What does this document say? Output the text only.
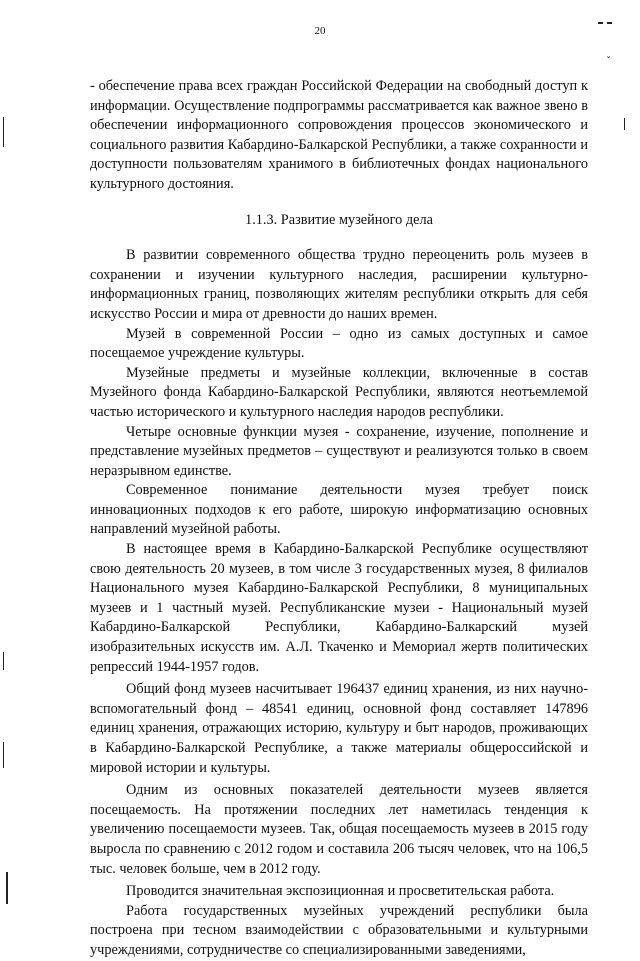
20
ˇ

- обеспечение права всех граждан Российской Федерации на свободный доступ к информации. Осуществление подпрограммы рассматривается как важное звено в обеспечении информационного сопровождения процессов экономического и социального развития Кабардино-Балкарской Республики, а также сохранности и доступности пользователям хранимого в библиотечных фондах национального культурного достояния.

1.1.3. Развитие музейного дела

В развитии современного общества трудно переоценить роль музеев в сохранении и изучении культурного наследия, расширении культурно-информационных границ, позволяющих жителям республики открыть для себя искусство России и мира от древности до наших времен.

Музей в современной России – одно из самых доступных и самое посещаемое учреждение культуры.

Музейные предметы и музейные коллекции, включенные в состав Музейного фонда Кабардино-Балкарской Республики, являются неотъемлемой частью исторического и культурного наследия народов республики.

Четыре основные функции музея - сохранение, изучение, пополнение и представление музейных предметов – существуют и реализуются только в своем неразрывном единстве.

Современное понимание деятельности музея требует поиск инновационных подходов к его работе, широкую информатизацию основных направлений музейной работы.

В настоящее время в Кабардино-Балкарской Республике осуществляют свою деятельность 20 музеев, в том числе 3 государственных музея, 8 филиалов Национального музея Кабардино-Балкарской Республики, 8 муниципальных музеев и 1 частный музей. Республиканские музеи - Национальный музей Кабардино-Балкарской Республики, Кабардино-Балкарский музей изобразительных искусств им. А.Л. Ткаченко и Мемориал жертв политических репрессий 1944-1957 годов.

Общий фонд музеев насчитывает 196437 единиц хранения, из них научно-вспомогательный фонд – 48541 единиц, основной фонд составляет 147896 единиц хранения, отражающих историю, культуру и быт народов, проживающих в Кабардино-Балкарской Республике, а также материалы общероссийской и мировой истории и культуры.

Одним из основных показателей деятельности музеев является посещаемость. На протяжении последних лет наметилась тенденция к увеличению посещаемости музеев. Так, общая посещаемость музеев в 2015 году выросла по сравнению с 2012 годом и составила 206 тысяч человек, что на 106,5 тыс. человек больше, чем в 2012 году.

Проводится значительная экспозиционная и просветительская работа.

Работа государственных музейных учреждений республики была построена при тесном взаимодействии с образовательными и культурными учреждениями, сотрудничестве со специализированными заведениями,
